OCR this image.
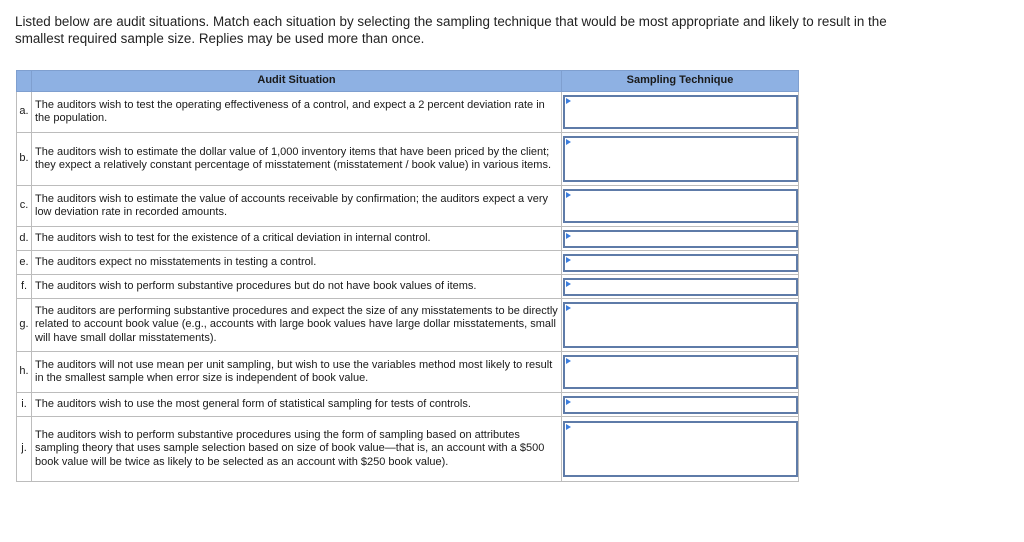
Listed below are audit situations. Match each situation by selecting the sampling technique that would be most appropriate and likely to result in the smallest required sample size. Replies may be used more than once.
	Audit Situation	Sampling Technique
a.	The auditors wish to test the operating effectiveness of a control, and expect a 2 percent deviation rate in the population.	

b.	The auditors wish to estimate the dollar value of 1,000 inventory items that have been priced by the client; they expect a relatively constant percentage of misstatement (misstatement / book value) in various items.	

c.	The auditors wish to estimate the value of accounts receivable by confirmation; the auditors expect a very low deviation rate in recorded amounts.	

d.	The auditors wish to test for the existence of a critical deviation in internal control.	

e.	The auditors expect no misstatements in testing a control.	

f.	The auditors wish to perform substantive procedures but do not have book values of items.	

g.	The auditors are performing substantive procedures and expect the size of any misstatements to be directly related to account book value (e.g., accounts with large book values have large dollar misstatements, small will have small dollar misstatements).	

h.	The auditors will not use mean per unit sampling, but wish to use the variables method most likely to result in the smallest sample when error size is independent of book value.	

i.	The auditors wish to use the most general form of statistical sampling for tests of controls.	

j.	The auditors wish to perform substantive procedures using the form of sampling based on attributes sampling theory that uses sample selection based on size of book value—that is, an account with a $500 book value will be twice as likely to be selected as an account with $250 book value).	
